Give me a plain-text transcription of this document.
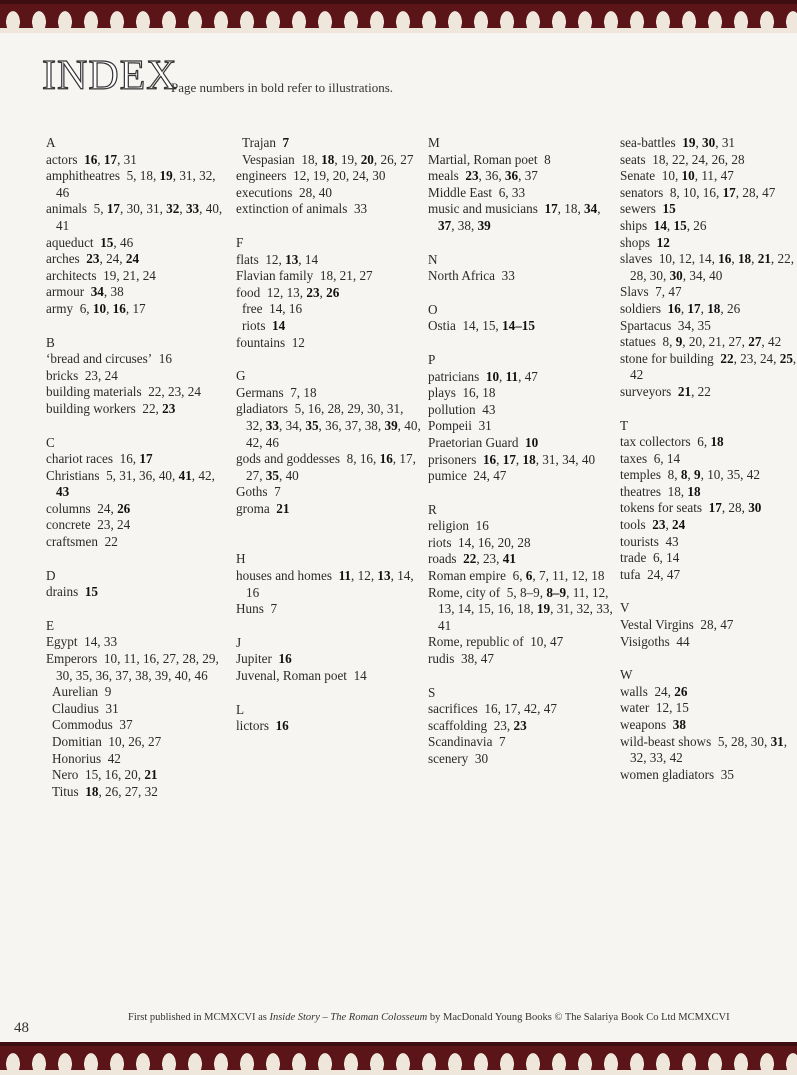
INDEX
Page numbers in bold refer to illustrations.
A
actors 16, 17, 31
amphitheatres 5, 18, 19, 31, 32, 46
animals 5, 17, 30, 31, 32, 33, 40, 41
aqueduct 15, 46
arches 23, 24, 24
architects 19, 21, 24
armour 34, 38
army 6, 10, 16, 17
B
‘bread and circuses’ 16
bricks 23, 24
building materials 22, 23, 24
building workers 22, 23
C
chariot races 16, 17
Christians 5, 31, 36, 40, 41, 42, 43
columns 24, 26
concrete 23, 24
craftsmen 22
D
drains 15
E
Egypt 14, 33
Emperors 10, 11, 16, 27, 28, 29, 30, 35, 36, 37, 38, 39, 40, 46
Aurelian 9
Claudius 31
Commodus 37
Domitian 10, 26, 27
Honorius 42
Nero 15, 16, 20, 21
Titus 18, 26, 27, 32
Trajan 7
Vespasian 18, 18, 19, 20, 26, 27
engineers 12, 19, 20, 24, 30
executions 28, 40
extinction of animals 33
F
flats 12, 13, 14
Flavian family 18, 21, 27
food 12, 13, 23, 26
free 14, 16
riots 14
fountains 12
G
Germans 7, 18
gladiators 5, 16, 28, 29, 30, 31, 32, 33, 34, 35, 36, 37, 38, 39, 40, 42, 46
gods and goddesses 8, 16, 16, 17, 27, 35, 40
Goths 7
groma 21
H
houses and homes 11, 12, 13, 14, 16
Huns 7
J
Jupiter 16
Juvenal, Roman poet 14
L
lictors 16
M
Martial, Roman poet 8
meals 23, 36, 36, 37
Middle East 6, 33
music and musicians 17, 18, 34, 37, 38, 39
N
North Africa 33
O
Ostia 14, 15, 14–15
P
patricians 10, 11, 47
plays 16, 18
pollution 43
Pompeii 31
Praetorian Guard 10
prisoners 16, 17, 18, 31, 34, 40
pumice 24, 47
R
religion 16
riots 14, 16, 20, 28
roads 22, 23, 41
Roman empire 6, 6, 7, 11, 12, 18
Rome, city of 5, 8–9, 8–9, 11, 12, 13, 14, 15, 16, 18, 19, 31, 32, 33, 41
Rome, republic of 10, 47
rudis 38, 47
S
sacrifices 16, 17, 42, 47
scaffolding 23, 23
Scandinavia 7
scenery 30
sea-battles 19, 30, 31
seats 18, 22, 24, 26, 28
Senate 10, 10, 11, 47
senators 8, 10, 16, 17, 28, 47
sewers 15
ships 14, 15, 26
shops 12
slaves 10, 12, 14, 16, 18, 21, 22, 28, 30, 30, 34, 40
Slavs 7, 47
soldiers 16, 17, 18, 26
Spartacus 34, 35
statues 8, 9, 20, 21, 27, 27, 42
stone for building 22, 23, 24, 25, 42
surveyors 21, 22
T
tax collectors 6, 18
taxes 6, 14
temples 8, 8, 9, 10, 35, 42
theatres 18, 18
tokens for seats 17, 28, 30
tools 23, 24
tourists 43
trade 6, 14
tufa 24, 47
V
Vestal Virgins 28, 47
Visigoths 44
W
walls 24, 26
water 12, 15
weapons 38
wild-beast shows 5, 28, 30, 31, 32, 33, 42
women gladiators 35
First published in MCMXCVI as Inside Story – The Roman Colosseum by MacDonald Young Books © The Salariya Book Co Ltd MCMXCVI
48
